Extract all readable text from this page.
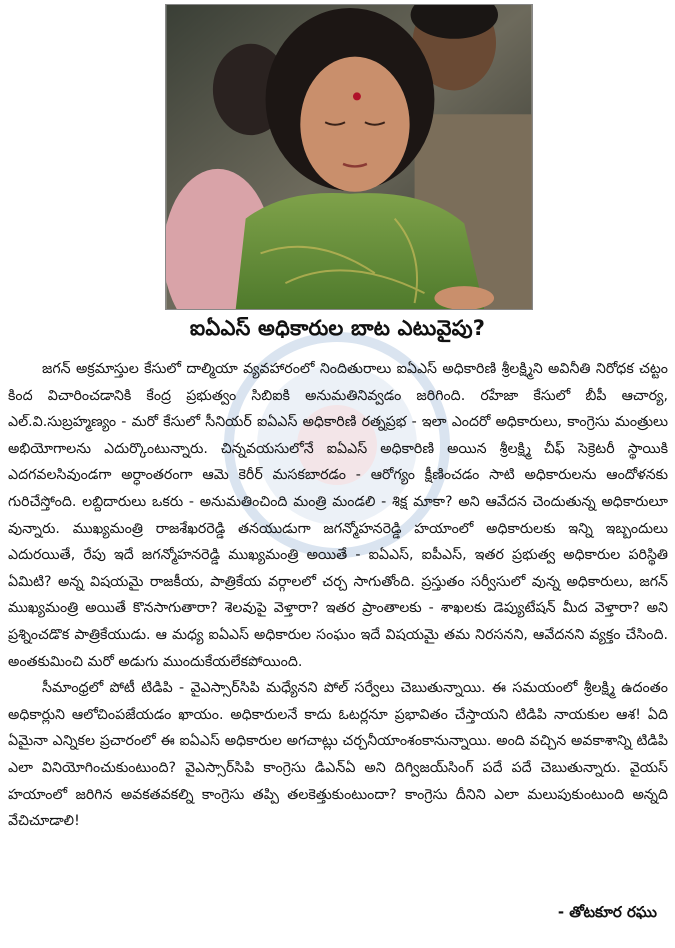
ఐఏఎస్ అధికారుల బాట ఎటువైపు?

జగన్ అక్రమాస్తుల కేసులో దాల్మియా వ్యవహారంలో నిందితురాలు ఐఏఎస్ అధికారిణి శ్రీలక్ష్మిని అవినీతి నిరోధక చట్టం కింద విచారించడానికి కేంద్ర ప్రభుత్వం సిబిఐకి అనుమతినివ్వడం జరిగింది. రహేజా కేసులో బీపీ ఆచార్య, ఎల్.వి.సుబ్రహ్మణ్యం - మరో కేసులో సీనియర్ ఐఏఎస్ అధికారిణి రత్నప్రభ - ఇలా ఎందరో అధికారులు, కాంగ్రెసు మంత్రులు అభియోగాలను ఎదుర్కొంటున్నారు. చిన్నవయసులోనే ఐఏఎస్ అధికారిణి అయిన శ్రీలక్ష్మి చీఫ్ సెక్రెటరీ స్థాయికి ఎదగవలసివుండగా అర్ధాంతరంగా ఆమె కెరీర్ మసకబారడం - ఆరోగ్యం క్షీణించడం సాటి అధికారులను ఆందోళనకు గురిచేస్తోంది. లబ్దిదారులు ఒకరు - అనుమతించింది మంత్రి మండలి - శిక్ష మాకా? అని ఆవేదన చెందుతున్న అధికారులూ వున్నారు. ముఖ్యమంత్రి రాజశేఖరరెడ్డి తనయుడుగా జగన్మోహనరెడ్డి హయాంలో అధికారులకు ఇన్ని ఇబ్బందులు ఎదురయితే, రేపు ఇదే జగన్మోహనరెడ్డి ముఖ్యమంత్రి అయితే - ఐఏఎస్, ఐపీఎస్, ఇతర ప్రభుత్వ అధికారుల పరిస్థితి ఏమిటి? అన్న విషయమై రాజకీయ, పాత్రికేయ వర్గాలలో చర్చ సాగుతోంది. ప్రస్తుతం సర్వీసులో వున్న అధికారులు, జగన్ ముఖ్యమంత్రి అయితే కొనసాగుతారా? శెలవుపై వెళ్తారా? ఇతర ప్రాంతాలకు - శాఖలకు డెప్యుటేషన్ మీద వెళ్తారా? అని ప్రశ్నించడొక పాత్రికేయుడు. ఆ మధ్య ఐఏఎస్ అధికారుల సంఘం ఇదే విషయమై తమ నిరసనని, ఆవేదనని వ్యక్తం చేసింది. అంతకుమించి మరో అడుగు ముందుకేయలేకపోయింది.

సీమాంధ్రలో పోటీ టిడిపి - వైఎస్సార్‌సిపి మధ్యేనని పోల్ సర్వేలు చెబుతున్నాయి. ఈ సమయంలో శ్రీలక్ష్మి ఉదంతం అధికార్లుని ఆలోచింపజేయడం ఖాయం. అధికారులనే కాదు ఓటర్లనూ ప్రభావితం చేస్తాయని టిడిపి నాయకుల ఆశ! ఏది ఏమైనా ఎన్నికల ప్రచారంలో ఈ ఐఏఎస్ అధికారుల అగచాట్లు చర్చనీయాంశంకానున్నాయి. అంది వచ్చిన అవకాశాన్ని టిడిపి ఎలా వినియోగించుకుంటుంది? వైఎస్సార్‌సిపి కాంగ్రెసు డిఎన్ఏ అని దిగ్విజయ్‌సింగ్ పదే పదే చెబుతున్నారు. వైయస్ హయాంలో జరిగిన అవకతవకల్ని కాంగ్రెసు తప్పి తలకెత్తుకుంటుందా? కాంగ్రెసు దీనిని ఎలా మలుపుకుంటుంది అన్నది వేచిచూడాలి!

- తోటకూర రఘు
